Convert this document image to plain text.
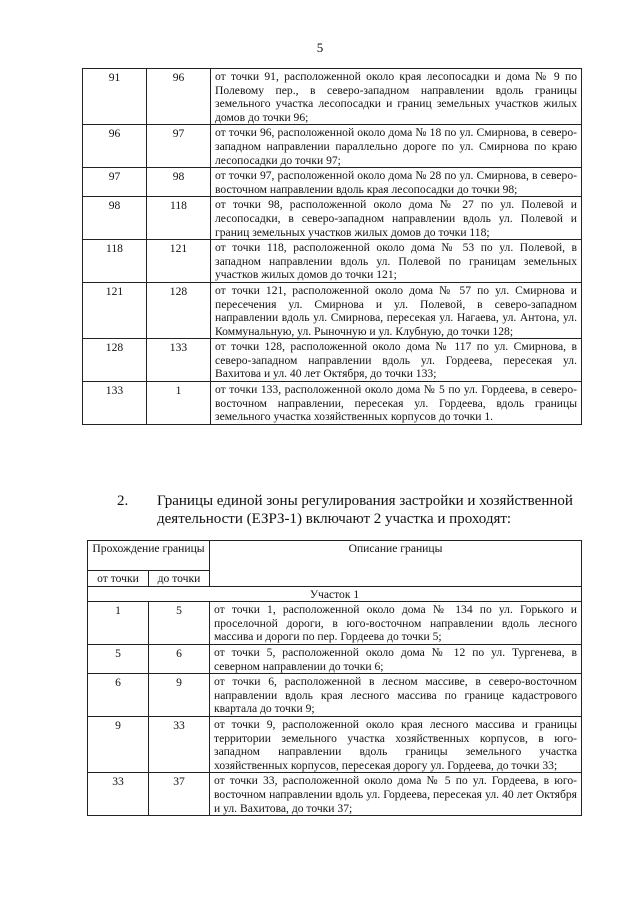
5
91	96	от точки 91, расположенной около края лесопосадки и дома № 9 по Полевому пер., в северо-западном направлении вдоль границы земельного участка лесопосадки и границ земельных участков жилых домов до точки 96;
96	97	от точки 96, расположенной около дома № 18 по ул. Смирнова, в северо-западном направлении параллельно дороге по ул. Смирнова по краю лесопосадки до точки 97;
97	98	от точки 97, расположенной около дома № 28 по ул. Смирнова, в северо-восточном направлении вдоль края лесопосадки до точки 98;
98	118	от точки 98, расположенной около дома № 27 по ул. Полевой и лесопосадки, в северо-западном направлении вдоль ул. Полевой и границ земельных участков жилых домов до точки 118;
118	121	от точки 118, расположенной около дома № 53 по ул. Полевой, в западном направлении вдоль ул. Полевой по границам земельных участков жилых домов до точки 121;
121	128	от точки 121, расположенной около дома № 57 по ул. Смирнова и пересечения ул. Смирнова и ул. Полевой, в северо-западном направлении вдоль ул. Смирнова, пересекая ул. Нагаева, ул. Антона, ул. Коммунальную, ул. Рыночную и ул. Клубную, до точки 128;
128	133	от точки 128, расположенной около дома № 117 по ул. Смирнова, в северо-западном направлении вдоль ул. Гордеева, пересекая ул. Вахитова и ул. 40 лет Октября, до точки 133;
133	1	от точки 133, расположенной около дома № 5 по ул. Гордеева, в северо-восточном направлении, пересекая ул. Гордеева, вдоль границы земельного участка хозяйственных корпусов до точки 1.
2. Границы единой зоны регулирования застройки и хозяйственной деятельности (ЕЗРЗ-1) включают 2 участка и проходят:
Прохождение границы		Описание границы
от точки	до точки	
Участок 1		
1	5	от точки 1, расположенной около дома № 134 по ул. Горького и проселочной дороги, в юго-восточном направлении вдоль лесного массива и дороги по пер. Гордеева до точки 5;
5	6	от точки 5, расположенной около дома № 12 по ул. Тургенева, в северном направлении до точки 6;
6	9	от точки 6, расположенной в лесном массиве, в северо-восточном направлении вдоль края лесного массива по границе кадастрового квартала до точки 9;
9	33	от точки 9, расположенной около края лесного массива и границы территории земельного участка хозяйственных корпусов, в юго-западном направлении вдоль границы земельного участка хозяйственных корпусов, пересекая дорогу ул. Гордеева, до точки 33;
33	37	от точки 33, расположенной около дома № 5 по ул. Гордеева, в юго-восточном направлении вдоль ул. Гордеева, пересекая ул. 40 лет Октября и ул. Вахитова, до точки 37;
